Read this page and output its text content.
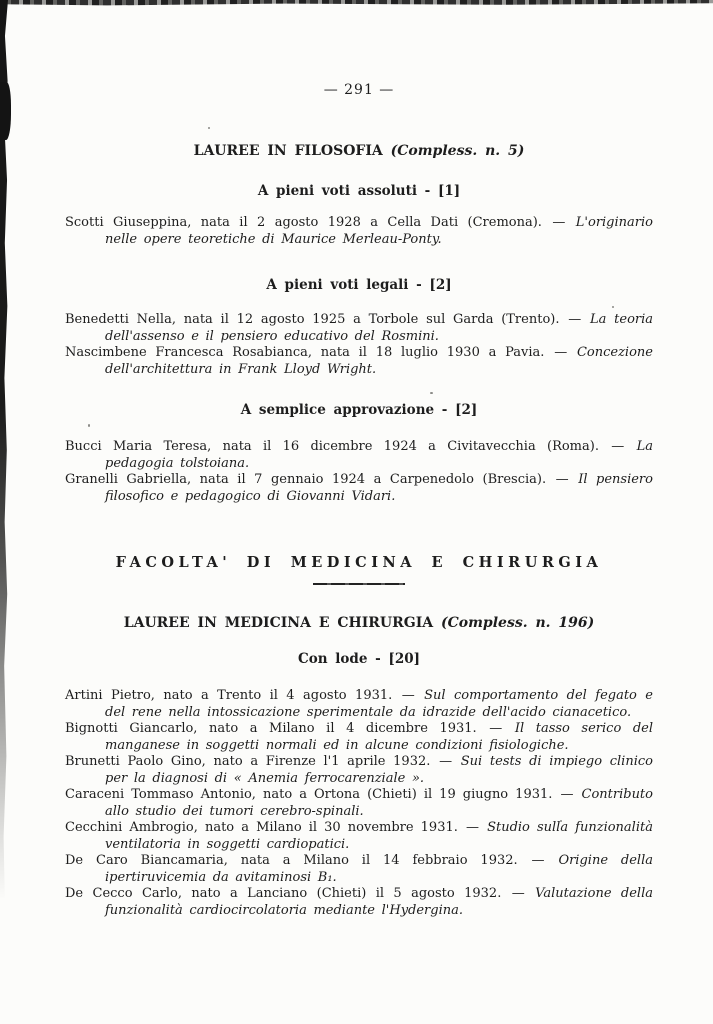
— 291 —

LAUREE IN FILOSOFIA (Compless. n. 5)
A pieni voti assoluti - [1]

Scotti Giuseppina, nata il 2 agosto 1928 a Cella Dati (Cremona). — L'originario nelle opere teoretiche di Maurice Merleau-Ponty.

A pieni voti legali - [2]

Benedetti Nella, nata il 12 agosto 1925 a Torbole sul Garda (Trento). — La teoria dell'assenso e il pensiero educativo del Rosmini.

Nascimbene Francesca Rosabianca, nata il 18 luglio 1930 a Pavia. — Concezione dell'architettura in Frank Lloyd Wright.

A semplice approvazione - [2]

Bucci Maria Teresa, nata il 16 dicembre 1924 a Civitavecchia (Roma). — La pedagogia tolstoiana.

Granelli Gabriella, nata il 7 gennaio 1924 a Carpenedolo (Brescia). — Il pensiero filosofico e pedagogico di Giovanni Vidari.

FACOLTA' DI MEDICINA E CHIRURGIA
LAUREE IN MEDICINA E CHIRURGIA (Compless. n. 196)
Con lode - [20]

Artini Pietro, nato a Trento il 4 agosto 1931. — Sul comportamento del fegato e del rene nella intossicazione sperimentale da idrazide dell'acido cianacetico.

Bignotti Giancarlo, nato a Milano il 4 dicembre 1931. — Il tasso serico del manganese in soggetti normali ed in alcune condizioni fisiologiche.

Brunetti Paolo Gino, nato a Firenze l'1 aprile 1932. — Sui tests di impiego clinico per la diagnosi di « Anemia ferrocarenziale ».

Caraceni Tommaso Antonio, nato a Ortona (Chieti) il 19 giugno 1931. — Contributo allo studio dei tumori cerebro-spinali.

Cecchini Ambrogio, nato a Milano il 30 novembre 1931. — Studio sulla funzionalità ventilatoria in soggetti cardiopatici.

De Caro Biancamaria, nata a Milano il 14 febbraio 1932. — Origine della ipertiruvicemia da avitaminosi B₁.

De Cecco Carlo, nato a Lanciano (Chieti) il 5 agosto 1932. — Valutazione della funzionalità cardiocircolatoria mediante l'Hydergina.
